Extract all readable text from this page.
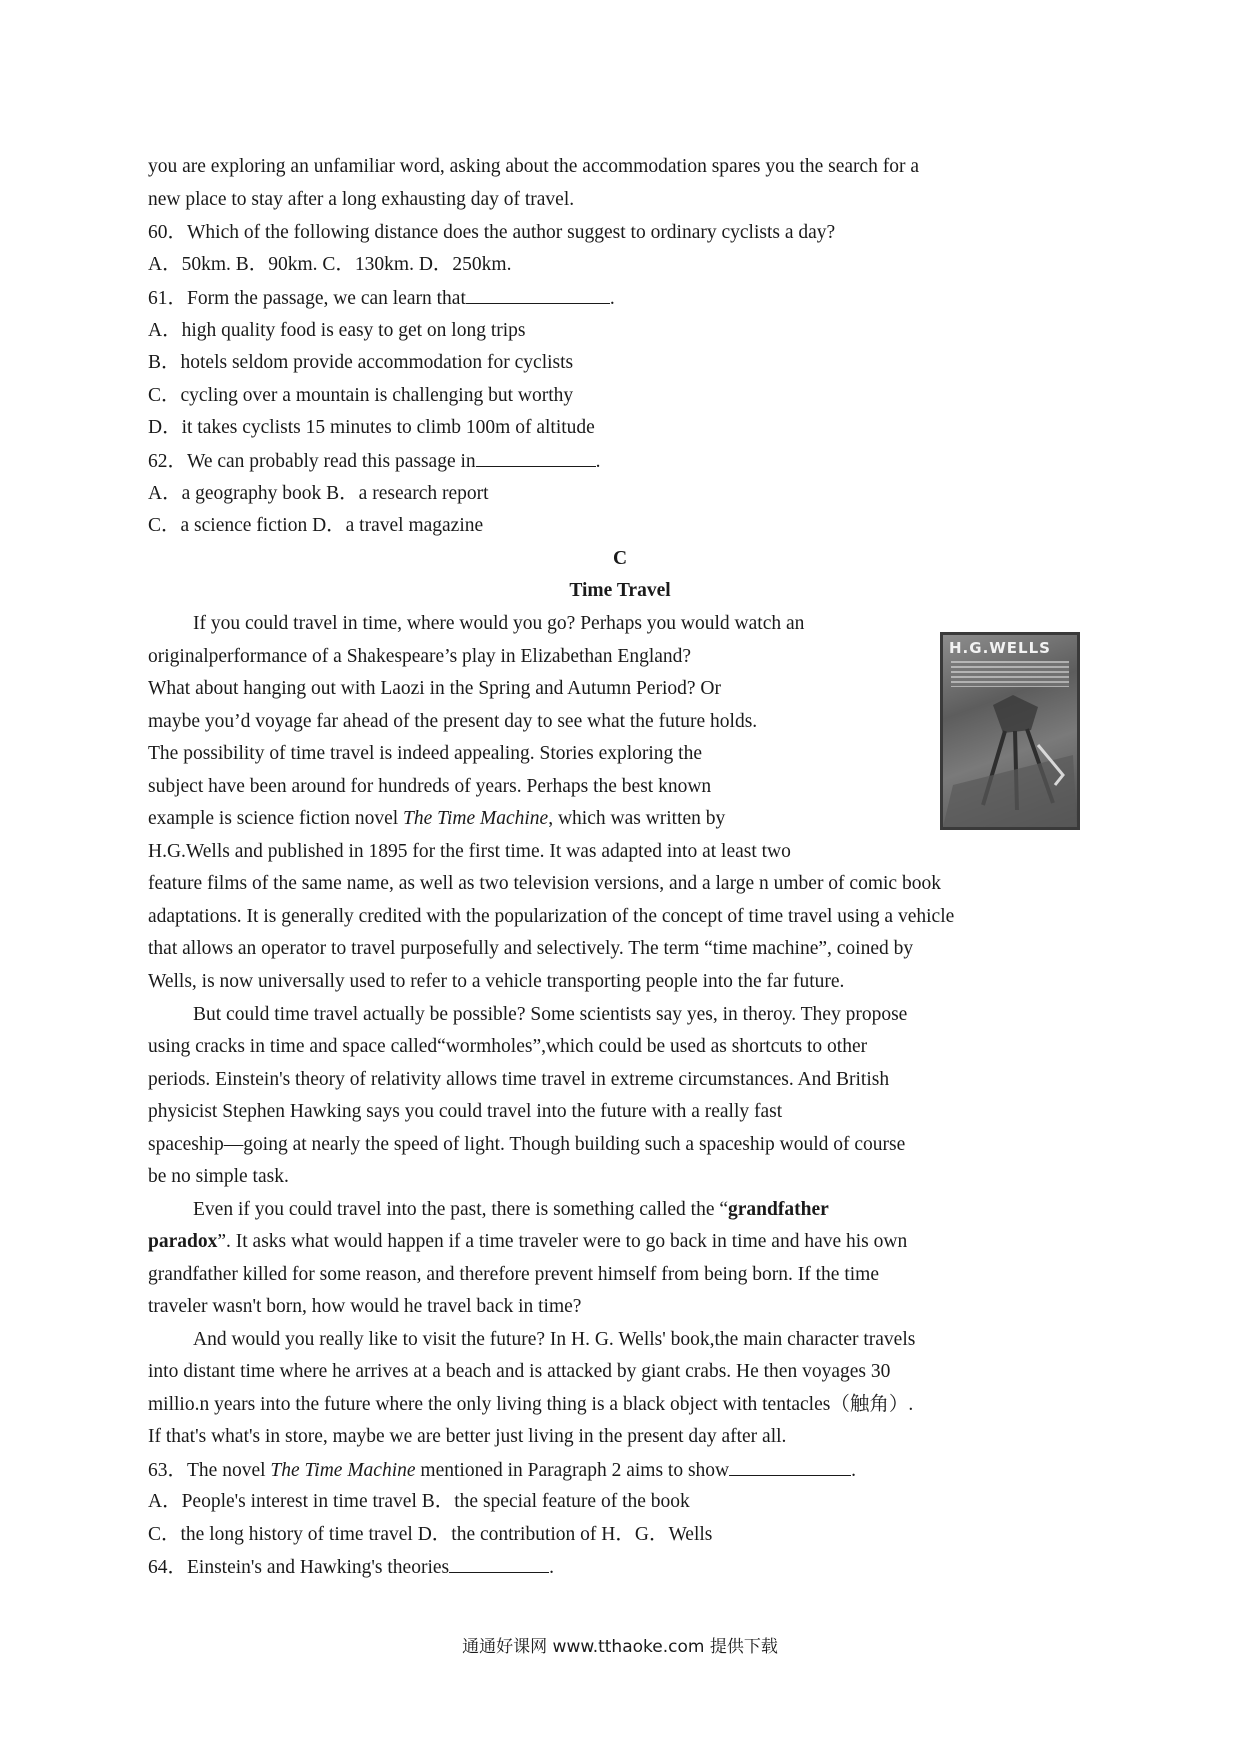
you are exploring an unfamiliar word, asking about the accommodation spares you the search for a
new place to stay after a long exhausting day of travel.
60．Which of the following distance does the author suggest to ordinary cyclists a day?
A．50km. B．90km. C．130km. D．250km.
61．Form the passage, we can learn that	.
A．high quality food is easy to get on long trips
B．hotels seldom provide accommodation for cyclists
C．cycling over a mountain is challenging but worthy
D．it takes cyclists 15 minutes to climb 100m of altitude
62．We can probably read this passage in	.
A．a geography book B．a research report
C．a science fiction D．a travel magazine
C
Time Travel
If you could travel in time, where would you go? Perhaps you would watch an
originalperformance of a Shakespeare’s play in Elizabethan England?
What about hanging out with Laozi in the Spring and Autumn Period? Or
maybe you’d voyage far ahead of the present day to see what the future holds.
The possibility of time travel is indeed appealing. Stories exploring the
subject have been around for hundreds of years. Perhaps the best known
example is science fiction novel The Time Machine, which was written by
H.G.Wells and published in 1895 for the first time. It was adapted into at least two
feature films of the same name, as well as two television versions, and a large n umber of comic book
adaptations. It is generally credited with the popularization of the concept of time travel using a vehicle
that allows an operator to travel purposefully and selectively. The term “time machine”, coined by
Wells, is now universally used to refer to a vehicle transporting people into the far future.
H.G.WELLS
But could time travel actually be possible? Some scientists say yes, in theroy. They propose
using cracks in time and space called“wormholes”,which could be used as shortcuts to other
periods. Einstein's theory of relativity allows time travel in extreme circumstances. And British
physicist Stephen Hawking says you could travel into the future with a really fast
spaceship—going at nearly the speed of light. Though building such a spaceship would of course
be no simple task.
Even if you could travel into the past, there is something called the “grandfather
paradox”. It asks what would happen if a time traveler were to go back in time and have his own
grandfather killed for some reason, and therefore prevent himself from being born. If the time
traveler wasn't born, how would he travel back in time?
And would you really like to visit the future? In H. G. Wells' book,the main character travels
into distant time where he arrives at a beach and is attacked by giant crabs. He then voyages 30
millio.n years into the future where the only living thing is a black object with tentacles（触角）.
If that's what's in store, maybe we are better just living in the present day after all.
63．The novel The Time Machine mentioned in Paragraph 2 aims to show	.
A．People's interest in time travel B．the special feature of the book
C．the long history of time travel D．the contribution of H．G．Wells
64．Einstein's and Hawking's theories	.
通通好课网 www.tthaoke.com 提供下载
